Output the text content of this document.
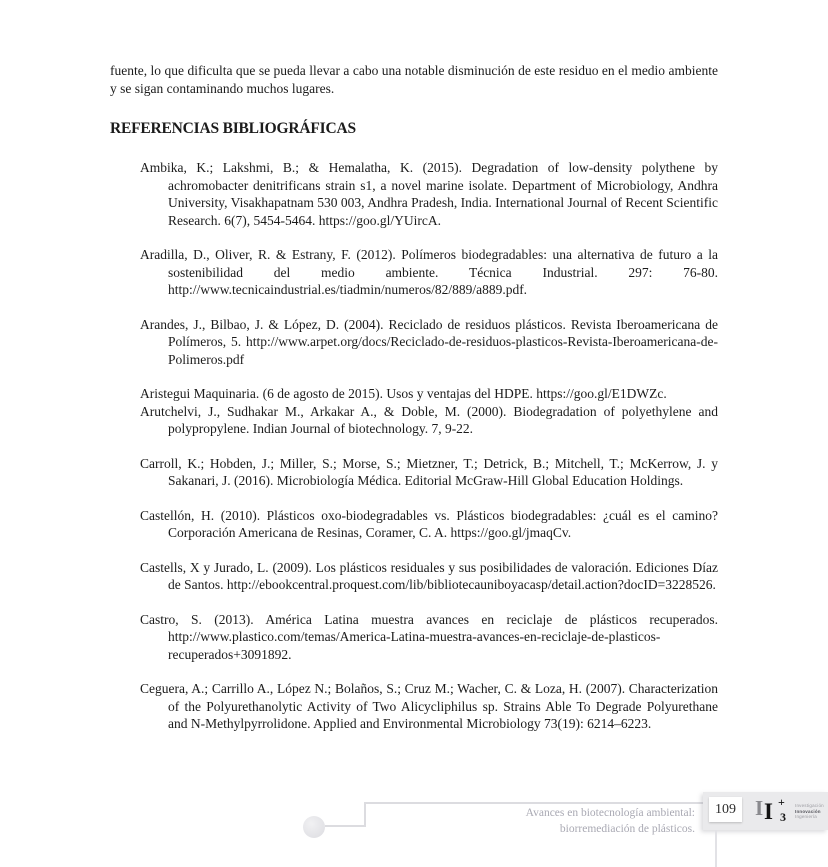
fuente, lo que dificulta que se pueda llevar a cabo una notable disminución de este residuo en el medio ambiente y se sigan contaminando muchos lugares.

REFERENCIAS BIBLIOGRÁFICAS

Ambika, K.; Lakshmi, B.; & Hemalatha, K. (2015). Degradation of low-density polythene by achromobacter denitrificans strain s1, a novel marine isolate. Department of Microbiology, Andhra University, Visakhapatnam 530 003, Andhra Pradesh, India. International Journal of Recent Scientific Research. 6(7), 5454-5464. https://goo.gl/YUircA.

Aradilla, D., Oliver, R. & Estrany, F. (2012). Polímeros biodegradables: una alternativa de futuro a la sostenibilidad del medio ambiente. Técnica Industrial. 297: 76-80. http://www.tecnicaindustrial.es/tiadmin/numeros/82/889/a889.pdf.

Arandes, J., Bilbao, J. & López, D. (2004). Reciclado de residuos plásticos. Revista Iberoamericana de Polímeros, 5. http://www.arpet.org/docs/Reciclado-de-residuos-plasticos-Revista-Iberoamericana-de-Polimeros.pdf

Aristegui Maquinaria. (6 de agosto de 2015). Usos y ventajas del HDPE. https://goo.gl/E1DWZc.

Arutchelvi, J., Sudhakar M., Arkakar A., & Doble, M. (2000). Biodegradation of polyethylene and polypropylene. Indian Journal of biotechnology. 7, 9-22.

Carroll, K.; Hobden, J.; Miller, S.; Morse, S.; Mietzner, T.; Detrick, B.; Mitchell, T.; McKerrow, J. y Sakanari, J. (2016). Microbiología Médica. Editorial McGraw-Hill Global Education Holdings.

Castellón, H. (2010). Plásticos oxo-biodegradables vs. Plásticos biodegradables: ¿cuál es el camino? Corporación Americana de Resinas, Coramer, C. A. https://goo.gl/jmaqCv.

Castells, X y Jurado, L. (2009). Los plásticos residuales y sus posibilidades de valoración. Ediciones Díaz de Santos. http://ebookcentral.proquest.com/lib/bibliotecauniboyacasp/detail.action?docID=3228526.

Castro, S. (2013). América Latina muestra avances en reciclaje de plásticos recuperados. http://www.plastico.com/temas/America-Latina-muestra-avances-en-reciclaje-de-plasticos-recuperados+3091892.

Ceguera, A.; Carrillo A., López N.; Bolaños, S.; Cruz M.; Wacher, C. & Loza, H. (2007). Characterization of the Polyurethanolytic Activity of Two Alicycliphilus sp. Strains Able To Degrade Polyurethane and N-Methylpyrrolidone. Applied and Environmental Microbiology 73(19): 6214–6223.

Avances en biotecnología ambiental:
biorremediación de plásticos.
109 I I +
3
Investigación
Innovación
Ingeniería
